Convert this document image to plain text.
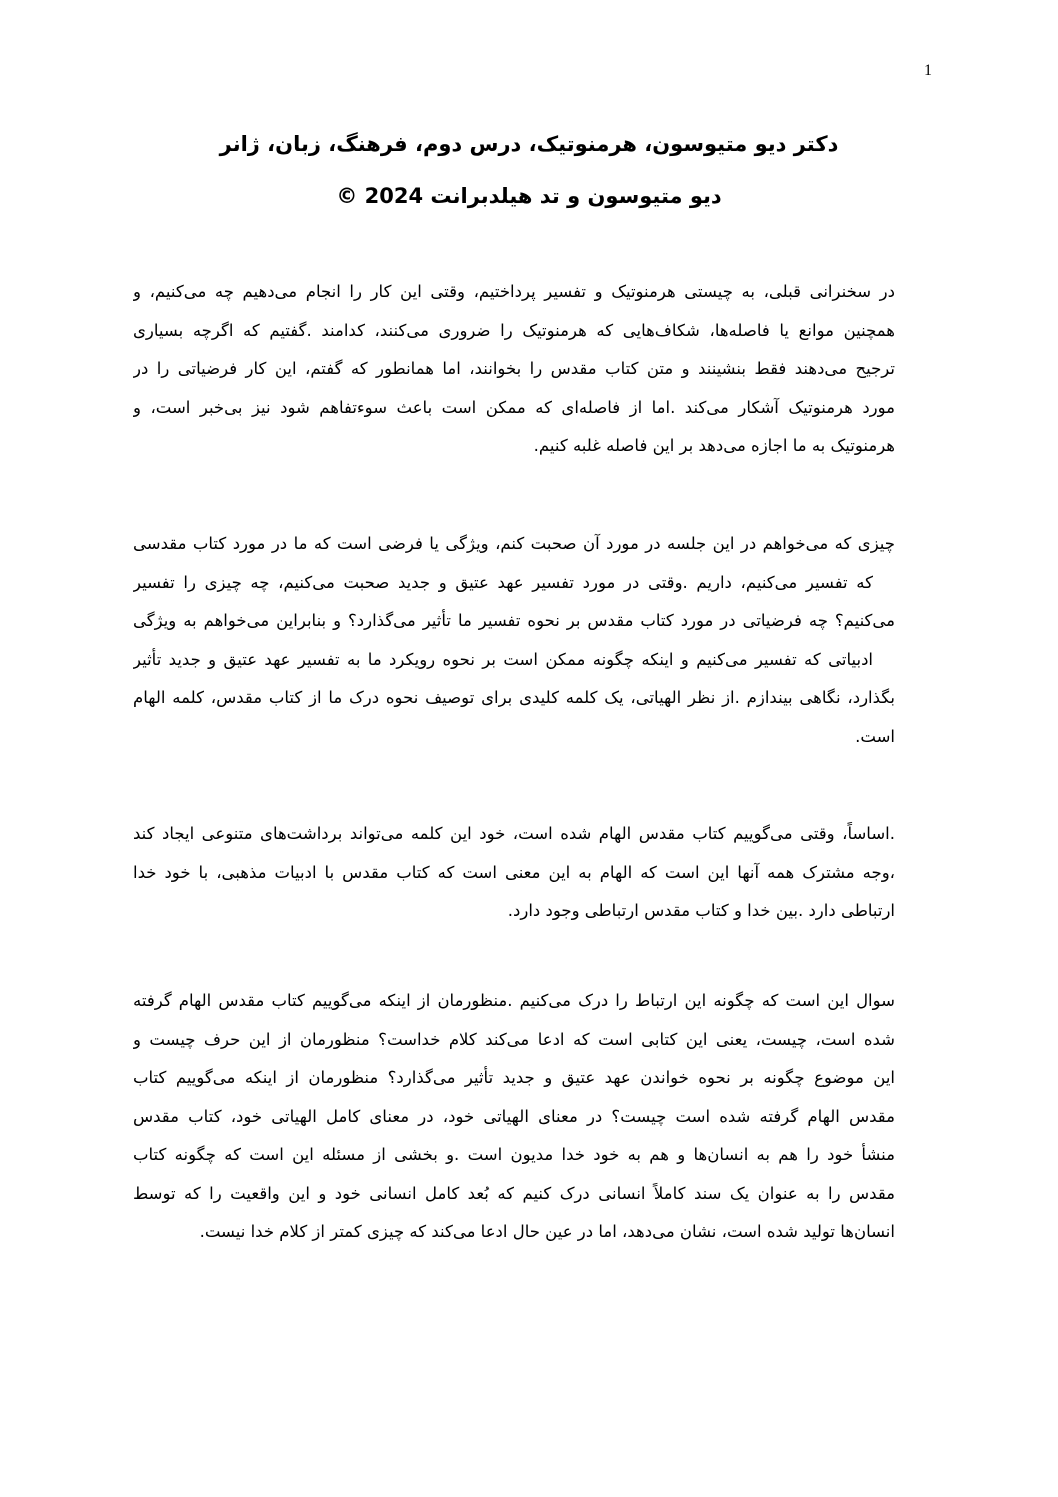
1
دکتر دیو متیوسون، هرمنوتیک، درس دوم، فرهنگ، زبان، ژانر
دیو متیوسون و تد هیلدبرانت 2024 ©
در سخنرانی قبلی، به چیستی هرمنوتیک و تفسیر پرداختیم، وقتی این کار را انجام می‌دهیم چه می‌کنیم، و
همچنین موانع یا فاصله‌ها، شکاف‌هایی که هرمنوتیک را ضروری می‌کنند، کدامند .گفتیم که اگرچه بسیاری
ترجیح می‌دهند فقط بنشینند و متن کتاب مقدس را بخوانند، اما همانطور که گفتم، این کار فرضیاتی را در
مورد هرمنوتیک آشکار می‌کند .اما از فاصله‌ای که ممکن است باعث سوءتفاهم شود نیز بی‌خبر است، و
هرمنوتیک به ما اجازه می‌دهد بر این فاصله غلبه کنیم.
چیزی که می‌خواهم در این جلسه در مورد آن صحبت کنم، ویژگی یا فرضی است که ما در مورد کتاب مقدسی
که تفسیر می‌کنیم، داریم .وقتی در مورد تفسیر عهد عتیق و جدید صحبت می‌کنیم، چه چیزی را تفسیر
می‌کنیم؟ چه فرضیاتی در مورد کتاب مقدس بر نحوه تفسیر ما تأثیر می‌گذارد؟ و بنابراین می‌خواهم به ویژگی
ادبیاتی که تفسیر می‌کنیم و اینکه چگونه ممکن است بر نحوه رویکرد ما به تفسیر عهد عتیق و جدید تأثیر
بگذارد، نگاهی بیندازم .از نظر الهیاتی، یک کلمه کلیدی برای توصیف نحوه درک ما از کتاب مقدس، کلمه الهام
است.
.اساساً، وقتی می‌گوییم کتاب مقدس الهام شده است، خود این کلمه می‌تواند برداشت‌های متنوعی ایجاد کند
،وجه مشترک همه آنها این است که الهام به این معنی است که کتاب مقدس با ادبیات مذهبی، با خود خدا
ارتباطی دارد .بین خدا و کتاب مقدس ارتباطی وجود دارد.
سوال این است که چگونه این ارتباط را درک می‌کنیم .منظورمان از اینکه می‌گوییم کتاب مقدس الهام گرفته
شده است، چیست، یعنی این کتابی است که ادعا می‌کند کلام خداست؟ منظورمان از این حرف چیست و
این موضوع چگونه بر نحوه خواندن عهد عتیق و جدید تأثیر می‌گذارد؟ منظورمان از اینکه می‌گوییم کتاب
مقدس الهام گرفته شده است چیست؟ در معنای الهیاتی خود، در معنای کامل الهیاتی خود، کتاب مقدس
منشأ خود را هم به انسان‌ها و هم به خود خدا مدیون است .و بخشی از مسئله این است که چگونه کتاب
مقدس را به عنوان یک سند کاملاً انسانی درک کنیم که بُعد کامل انسانی خود و این واقعیت را که توسط
انسان‌ها تولید شده است، نشان می‌دهد، اما در عین حال ادعا می‌کند که چیزی کمتر از کلام خدا نیست.
